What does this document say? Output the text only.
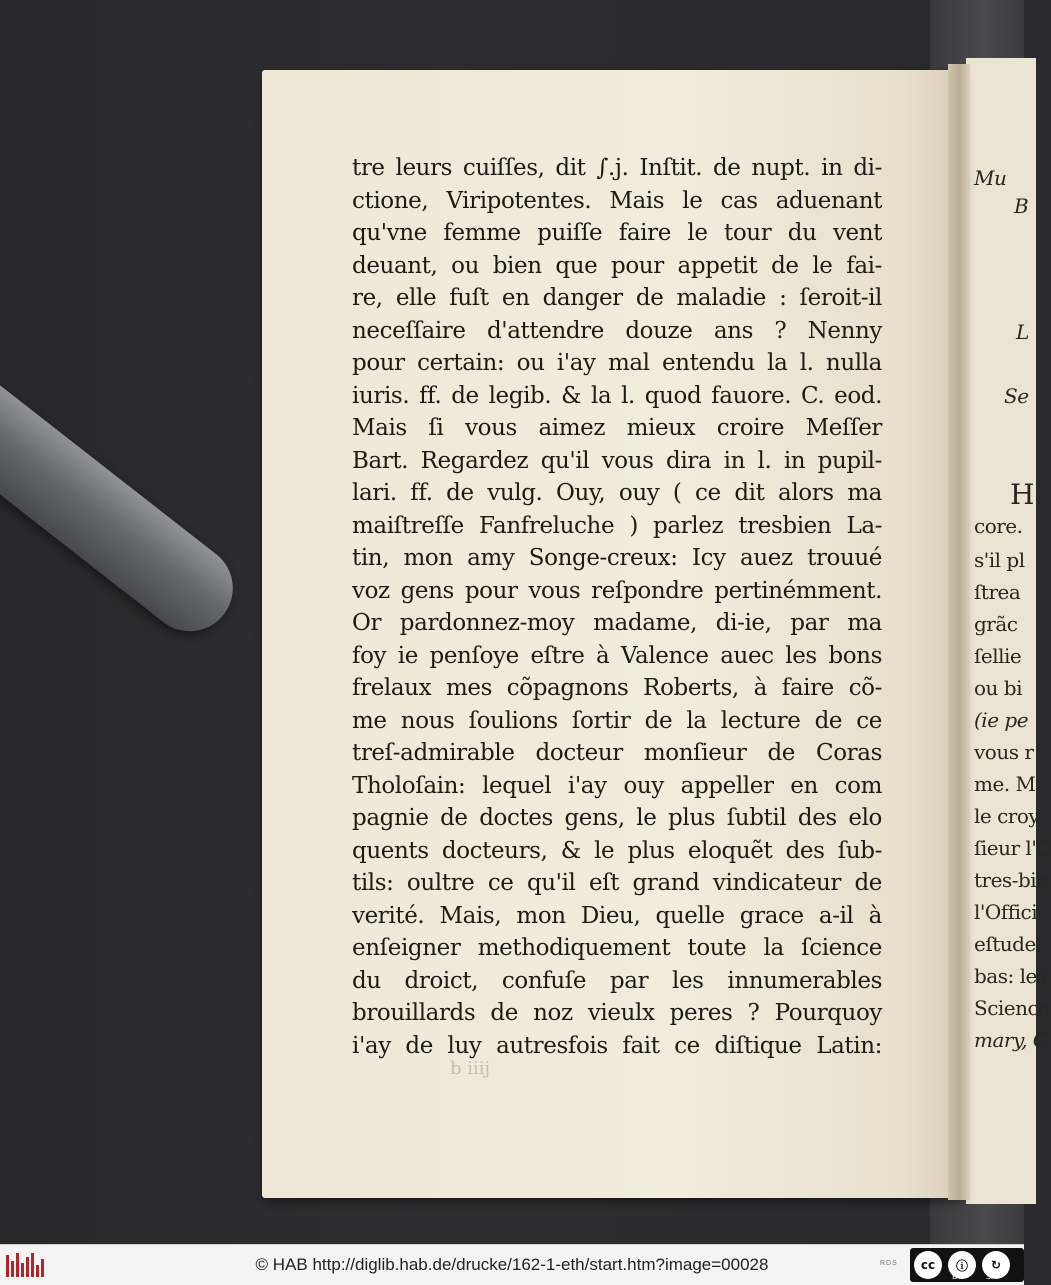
Mu
B
L
Se
H
core.
s'il pl
ſtrea
grãc
ſellie
ou bi
(ie pe
vous r
me. M
le croy
ſieur l'C
tres-bie
l'Offici
eſtude.
bas: les
Science
mary, C
tre leurs cuiſſes, dit ∫.j. Inſtit. de nupt. in di-
ctione, Viripotentes. Mais le cas aduenant
qu'vne femme puiſſe faire le tour du vent
deuant, ou bien que pour appetit de le fai-
re, elle fuſt en danger de maladie : ſeroit-il
neceſſaire d'attendre douze ans ? Nenny
pour certain: ou i'ay mal entendu la l. nulla
iuris. ff. de legib. & la l. quod fauore. C. eod.
Mais ſi vous aimez mieux croire Meſſer
Bart. Regardez qu'il vous dira in l. in pupil-
lari. ff. de vulg. Ouy, ouy ( ce dit alors ma
maiſtreſſe Fanfreluche ) parlez tresbien La-
tin, mon amy Songe-creux: Icy auez trouué
voz gens pour vous reſpondre pertinémment.
Or pardonnez-moy madame, di-ie, par ma
foy ie penſoye eſtre à Valence auec les bons
frelaux mes cõpagnons Roberts, à faire cõ-
me nous ſoulions ſortir de la lecture de ce
treſ-admirable docteur monſieur de Coras
Tholoſain: lequel i'ay ouy appeller en com
pagnie de doctes gens, le plus ſubtil des elo
quents docteurs, & le plus eloquẽt des ſub-
tils: oultre ce qu'il eſt grand vindicateur de
verité. Mais, mon Dieu, quelle grace a-il à
enſeigner methodiquement toute la ſcience
du droict, confuſe par les innumerables
brouillards de noz vieulx peres ? Pourquoy
i'ay de luy autresfois fait ce diſtique Latin:
b iiij
© HAB http://diglib.hab.de/drucke/162-1-eth/start.htm?image=00028	RDS	cc	ⓘ	↻
BY	SA
